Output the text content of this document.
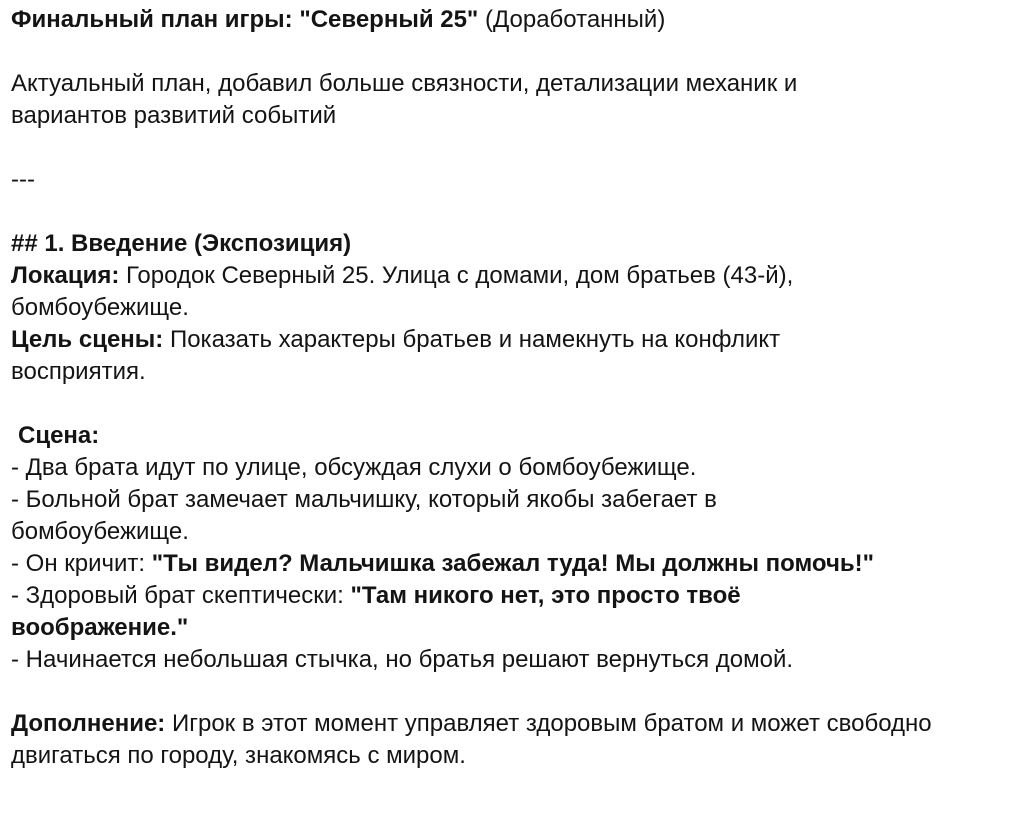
Финальный план игры: "Северный 25" (Доработанный)
Актуальный план, добавил больше связности, детализации механик и вариантов развитий событий
---
## 1. Введение (Экспозиция)
Локация: Городок Северный 25. Улица с домами, дом братьев (43-й), бомбоубежище.
Цель сцены: Показать характеры братьев и намекнуть на конфликт восприятия.
Сцена:
- Два брата идут по улице, обсуждая слухи о бомбоубежище.
- Больной брат замечает мальчишку, который якобы забегает в бомбоубежище.
- Он кричит: "Ты видел? Мальчишка забежал туда! Мы должны помочь!"
- Здоровый брат скептически: "Там никого нет, это просто твоё воображение."
- Начинается небольшая стычка, но братья решают вернуться домой.
Дополнение: Игрок в этот момент управляет здоровым братом и может свободно двигаться по городу, знакомясь с миром.
